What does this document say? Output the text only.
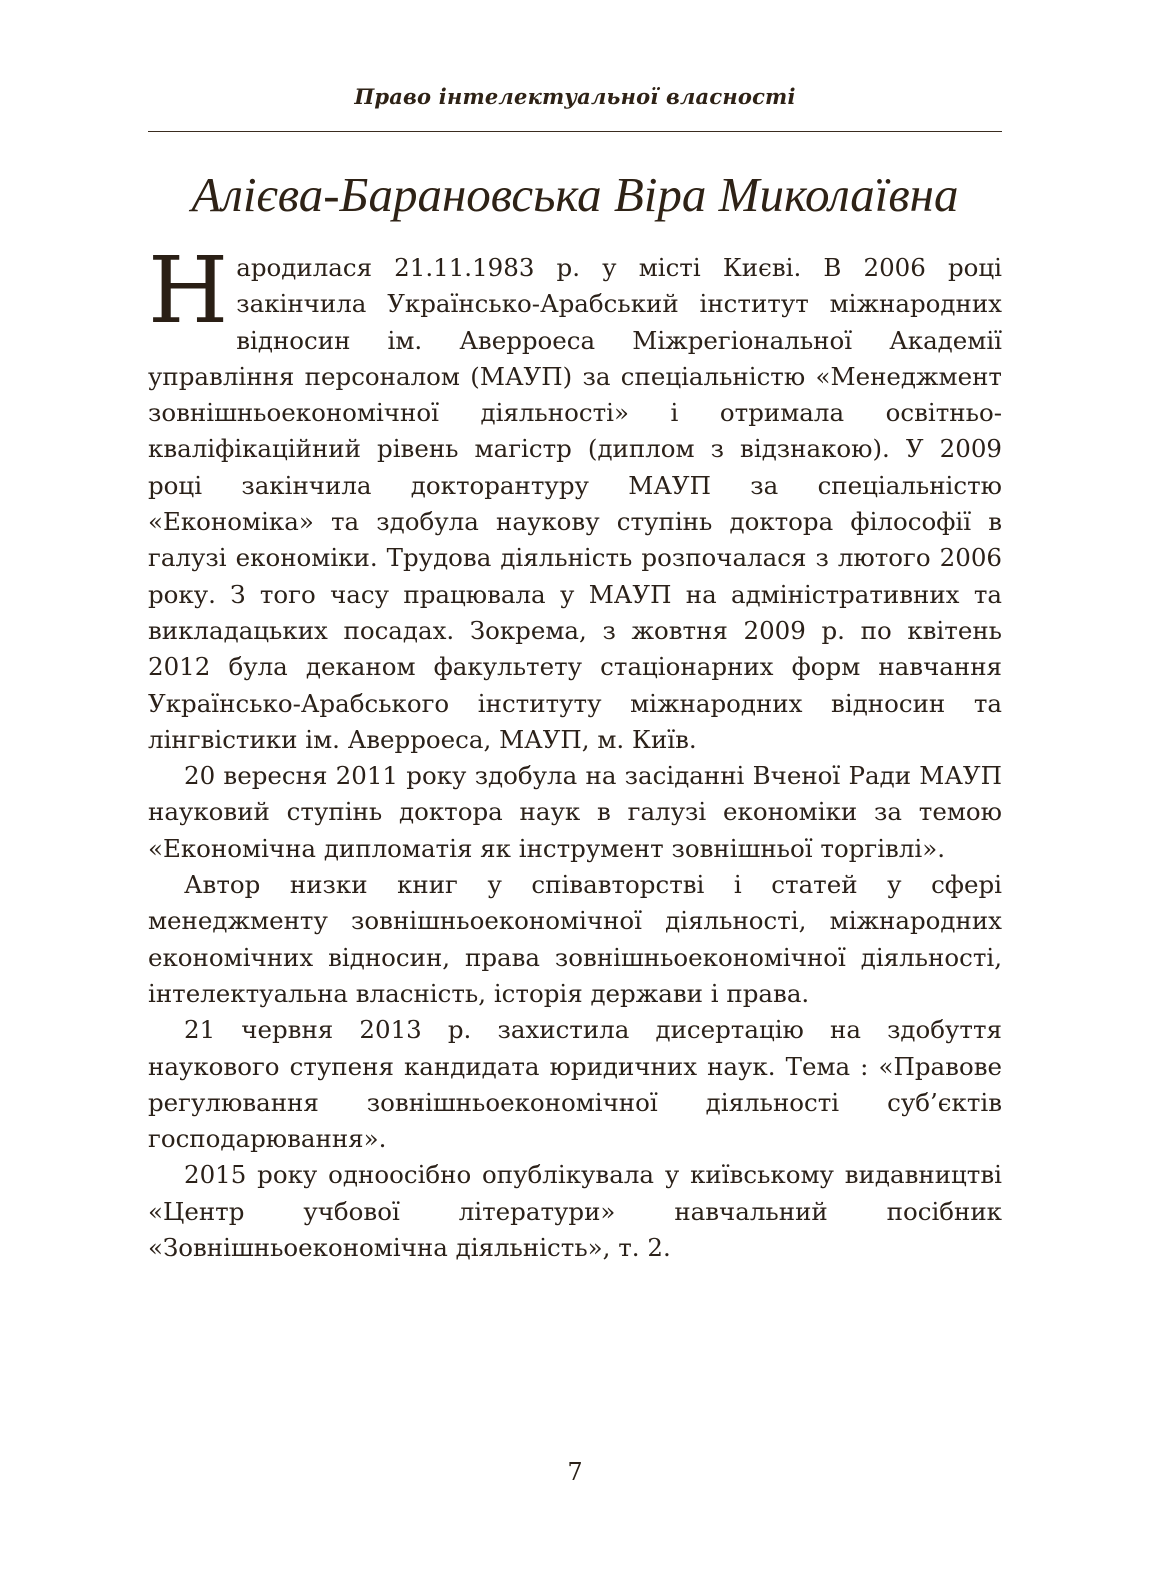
Право інтелектуальної власності
Алієва-Барановська Віра Миколаївна

Народилася 21.11.1983 р. у місті Києві. В 2006 році закінчила Українсько-Арабський інститут міжнародних відносин ім. Аверроеса Міжрегіональної Академії управління персоналом (МАУП) за спеціальністю «Менеджмент зовнішньоекономічної діяльності» і отримала освітньо-кваліфікаційний рівень магістр (диплом з відзнакою). У 2009 році закінчила докторантуру МАУП за спеціальністю «Економіка» та здобула наукову ступінь доктора філософії в галузі економіки. Трудова діяльність розпочалася з лютого 2006 року. З того часу працювала у МАУП на адміністративних та викладацьких посадах. Зокрема, з жовтня 2009 р. по квітень 2012 була деканом факультету стаціонарних форм навчання Українсько-Арабського інституту міжнародних відносин та лінгвістики ім. Аверроеса, МАУП, м. Київ.

20 вересня 2011 року здобула на засіданні Вченої Ради МАУП науковий ступінь доктора наук в галузі економіки за темою «Економічна дипломатія як інструмент зовнішньої торгівлі».

Автор низки книг у співавторстві і статей у сфері менеджменту зовнішньоекономічної діяльності, міжнародних економічних відносин, права зовнішньоекономічної діяльності, інтелектуальна власність, історія держави і права.

21 червня 2013 р. захистила дисертацію на здобуття наукового ступеня кандидата юридичних наук. Тема : «Правове регулювання зовнішньоекономічної діяльності суб’єктів господарювання».

2015 року одноосібно опублікувала у київському видавництві «Центр учбової літератури» навчальний посібник «Зовнішньоекономічна діяльність», т. 2.

7
